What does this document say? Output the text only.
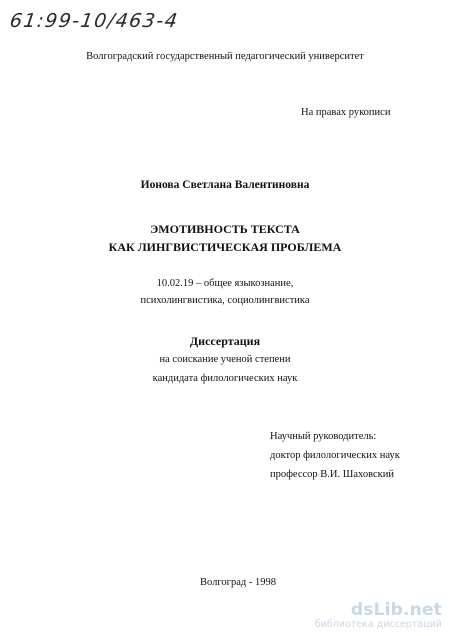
61:99-10/463-4
Волгоградский государственный педагогический университет
На правах рукописи
Ионова Светлана Валентиновна
ЭМОТИВНОСТЬ ТЕКСТА
КАК ЛИНГВИСТИЧЕСКАЯ ПРОБЛЕМА
10.02.19 – общее языкознание,
психолингвистика, социолингвистика
Диссертация
на соискание ученой степени
кандидата филологических наук
Научный руководитель:
доктор филологических наук
профессор В.И. Шаховский
Волгоград - 1998
dsLib.net
библиотека диссертаций
